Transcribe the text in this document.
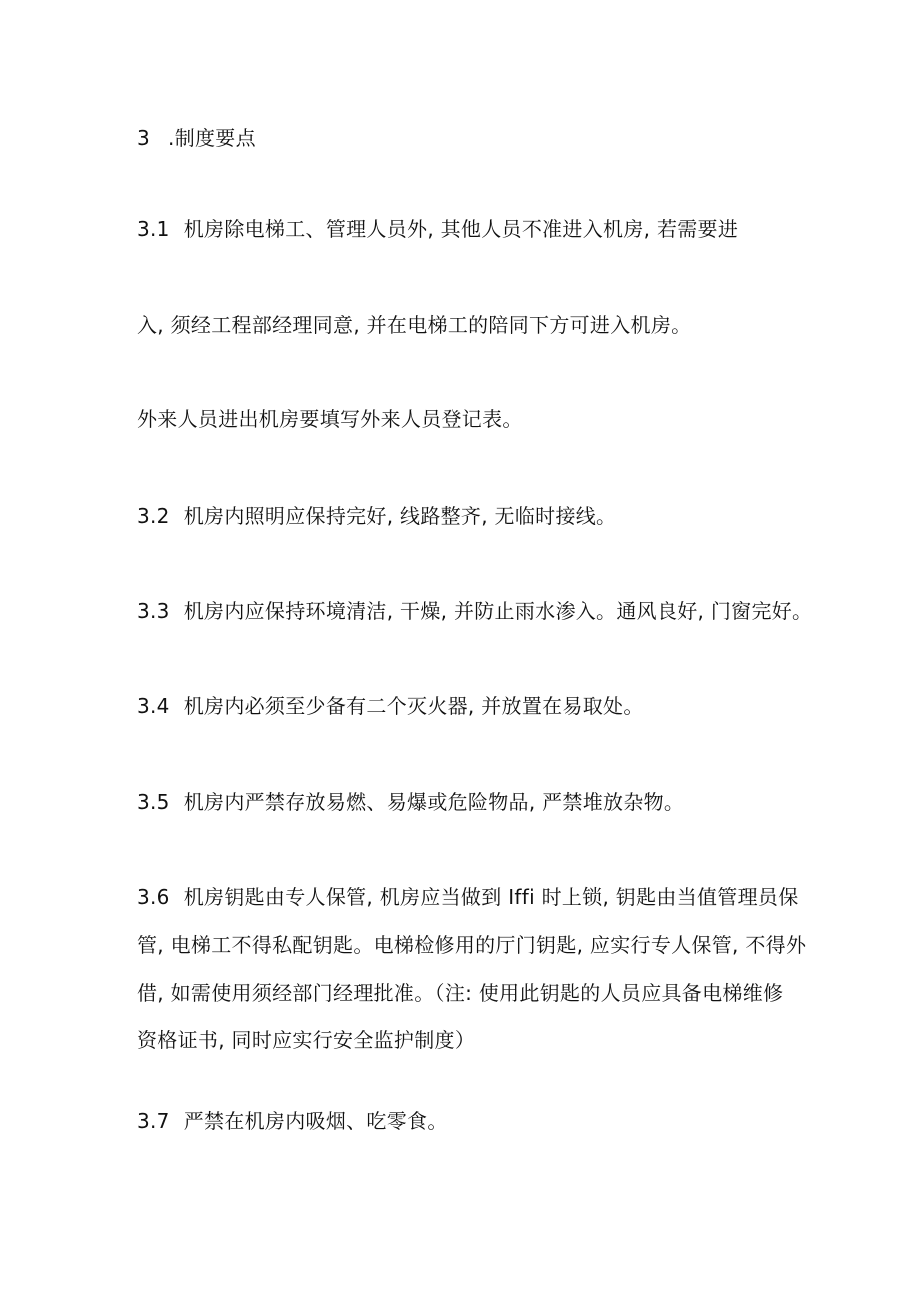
3 .制度要点
3.1 机房除电梯工、管理人员外, 其他人员不准进入机房, 若需要进
入, 须经工程部经理同意, 并在电梯工的陪同下方可进入机房。
外来人员进出机房要填写外来人员登记表。
3.2 机房内照明应保持完好, 线路整齐, 无临时接线。
3.3 机房内应保持环境清洁, 干燥, 并防止雨水渗入。通风良好, 门窗完好。
3.4 机房内必须至少备有二个灭火器, 并放置在易取处。
3.5 机房内严禁存放易燃、易爆或危险物品, 严禁堆放杂物。
3.6 机房钥匙由专人保管, 机房应当做到 Iffi 时上锁, 钥匙由当值管理员保
管, 电梯工不得私配钥匙。电梯检修用的厅门钥匙, 应实行专人保管, 不得外
借, 如需使用须经部门经理批准。（注: 使用此钥匙的人员应具备电梯维修
资格证书, 同时应实行安全监护制度）
3.7 严禁在机房内吸烟、吃零食。
